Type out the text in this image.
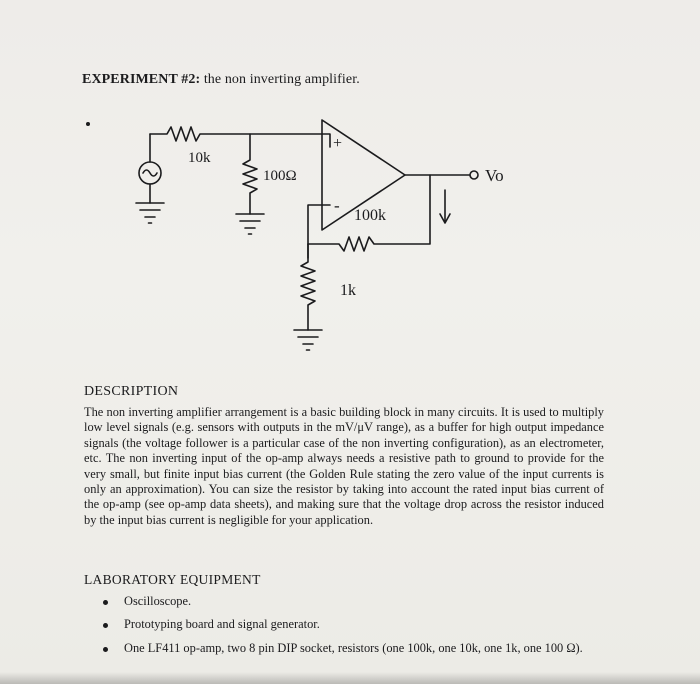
EXPERIMENT #2: the non inverting amplifier.
10k
100Ω
+
-
100k
1k
Vo
DESCRIPTION
The non inverting amplifier arrangement is a basic building block in many circuits. It is used to multiply low level signals (e.g. sensors with outputs in the mV/μV range), as a buffer for high output impedance signals (the voltage follower is a particular case of the non inverting configuration), as an electrometer, etc. The non inverting input of the op-amp always needs a resistive path to ground to provide for the very small, but finite input bias current (the Golden Rule stating the zero value of the input currents is only an approximation). You can size the resistor by taking into account the rated input bias current of the op-amp (see op-amp data sheets), and making sure that the voltage drop across the resistor induced by the input bias current is negligible for your application.
LABORATORY EQUIPMENT
Oscilloscope.
Prototyping board and signal generator.
One LF411 op-amp, two 8 pin DIP socket, resistors (one 100k, one 10k, one 1k, one 100 Ω).
